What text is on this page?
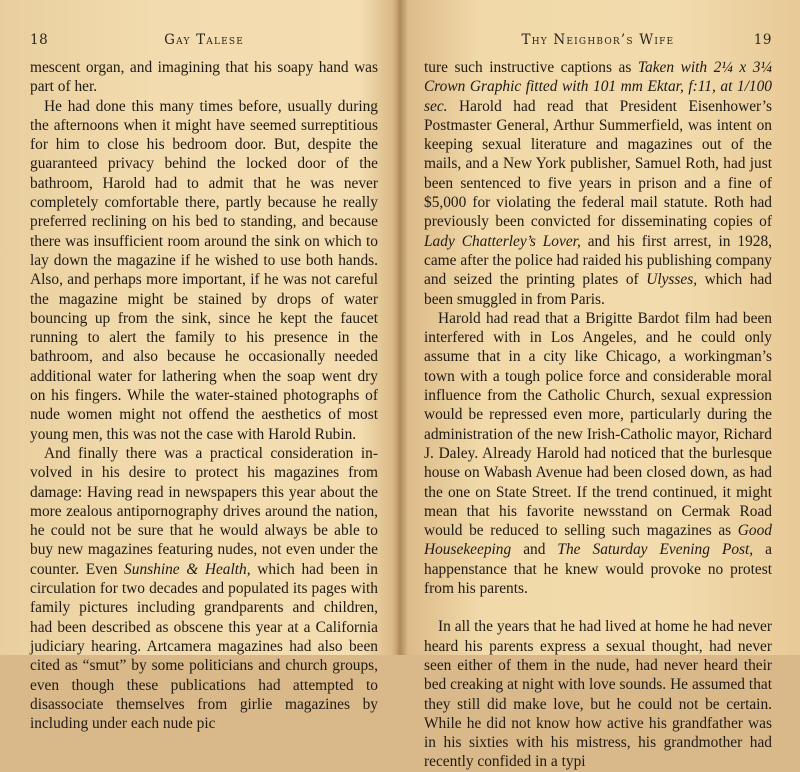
18	Gay Talese

mescent organ, and imagining that his soapy hand was part of her.

He had done this many times before, usually during the afternoons when it might have seemed surreptitious for him to close his bedroom door. But, despite the guaranteed privacy behind the locked door of the bathroom, Harold had to admit that he was never completely comfortable there, partly because he really preferred reclining on his bed to standing, and because there was insufficient room around the sink on which to lay down the magazine if he wished to use both hands. Also, and perhaps more important, if he was not careful the magazine might be stained by drops of water bouncing up from the sink, since he kept the faucet running to alert the family to his presence in the bathroom, and also because he occasionally needed additional water for lathering when the soap went dry on his fingers. While the water-stained photographs of nude women might not offend the aesthetics of most young men, this was not the case with Harold Rubin.

And finally there was a practical consideration involved in his desire to protect his magazines from damage: Having read in newspapers this year about the more zealous antipornography drives around the nation, he could not be sure that he would always be able to buy new magazines featuring nudes, not even under the counter. Even Sunshine & Health, which had been in circulation for two decades and populated its pages with family pictures including grandparents and children, had been described as obscene this year at a California judiciary hearing. Artcamera magazines had also been cited as “smut” by some politicians and church groups, even though these publications had attempted to disassociate themselves from girlie magazines by including under each nude pic

Thy Neighbor’s Wife	19

ture such instructive captions as Taken with 2¼ x 3¼ Crown Graphic fitted with 101 mm Ektar, f:11, at 1/100 sec. Harold had read that President Eisenhower’s Postmaster General, Arthur Summerfield, was intent on keeping sexual literature and magazines out of the mails, and a New York publisher, Samuel Roth, had just been sentenced to five years in prison and a fine of $5,000 for violating the federal mail statute. Roth had previously been convicted for disseminating copies of Lady Chatterley’s Lover, and his first arrest, in 1928, came after the police had raided his publishing company and seized the printing plates of Ulysses, which had been smuggled in from Paris.

Harold had read that a Brigitte Bardot film had been interfered with in Los Angeles, and he could only assume that in a city like Chicago, a workingman’s town with a tough police force and considerable moral influence from the Catholic Church, sexual expression would be repressed even more, particularly during the administration of the new Irish-Catholic mayor, Richard J. Daley. Already Harold had noticed that the burlesque house on Wabash Avenue had been closed down, as had the one on State Street. If the trend continued, it might mean that his favorite newsstand on Cermak Road would be reduced to selling such magazines as Good Housekeeping and The Saturday Evening Post, a happenstance that he knew would provoke no protest from his parents.

In all the years that he had lived at home he had never heard his parents express a sexual thought, had never seen either of them in the nude, had never heard their bed creaking at night with love sounds. He assumed that they still did make love, but he could not be certain. While he did not know how active his grandfather was in his sixties with his mistress, his grandmother had recently confided in a typi
